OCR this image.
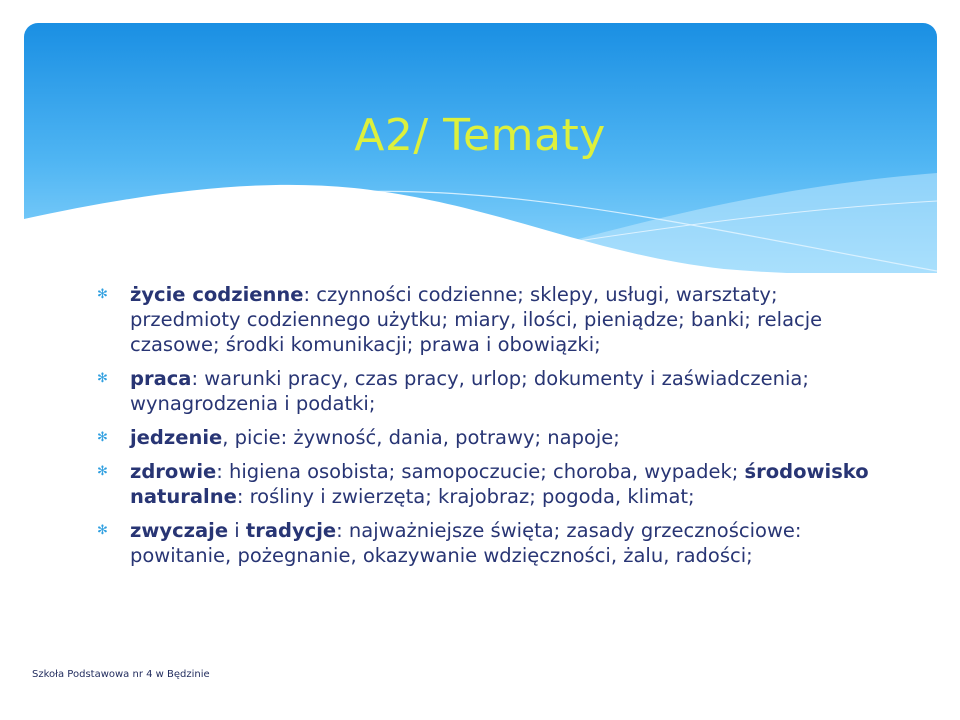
A2/ Tematy
✻ życie codzienne: czynności codzienne; sklepy, usługi, warsztaty; przedmioty codziennego użytku; miary, ilości, pieniądze; banki; relacje czasowe; środki komunikacji; prawa i obowiązki;
✻ praca: warunki pracy, czas pracy, urlop; dokumenty i zaświadczenia; wynagrodzenia i podatki;
✻ jedzenie, picie: żywność, dania, potrawy; napoje;
✻ zdrowie: higiena osobista; samopoczucie; choroba, wypadek; środowisko naturalne: rośliny i zwierzęta; krajobraz; pogoda, klimat;
✻ zwyczaje i tradycje: najważniejsze święta; zasady grzecznościowe: powitanie, pożegnanie, okazywanie wdzięczności, żalu, radości;
Szkoła Podstawowa nr 4 w Będzinie
